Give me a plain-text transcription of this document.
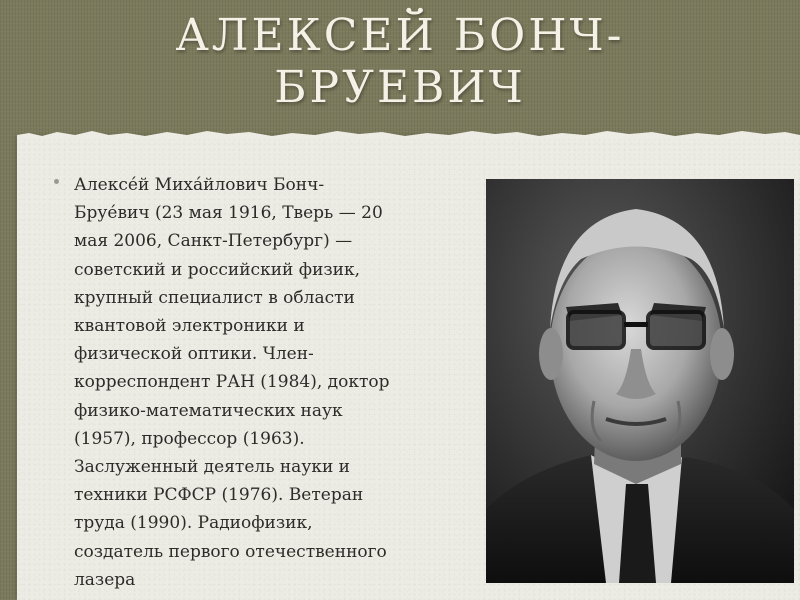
АЛЕКСЕЙ БОНЧ-
БРУЕВИЧ
Алексе́й Миха́йлович Бонч-
Бруе́вич (23 мая 1916, Тверь — 20
мая 2006, Санкт-Петербург) —
советский и российский физик,
крупный специалист в области
квантовой электроники и
физической оптики. Член-
корреспондент РАН (1984), доктор
физико-математических наук
(1957), профессор (1963).
Заслуженный деятель науки и
техники РСФСР (1976). Ветеран
труда (1990). Радиофизик,
создатель первого отечественного
лазера
